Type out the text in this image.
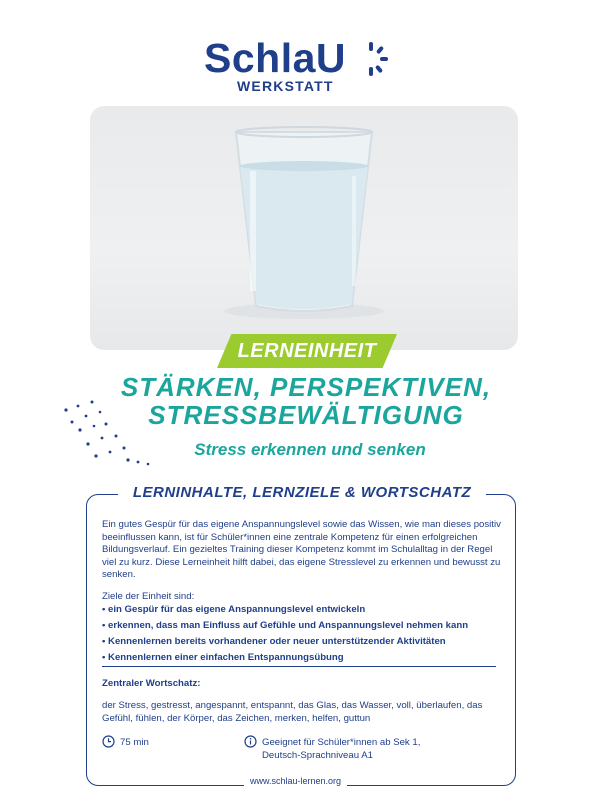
SchlaU
WERKSTATT
LERNEINHEIT
STÄRKEN, PERSPEKTIVEN,
STRESSBEWÄLTIGUNG
Stress erkennen und senken
LERNINHALTE, LERNZIELE & WORTSCHATZ
Ein gutes Gespür für das eigene Anspannungslevel sowie das Wissen, wie man dieses positiv beeinflussen kann, ist für Schüler*innen eine zentrale Kompetenz für einen erfolgreichen Bildungsverlauf. Ein gezieltes Training dieser Kompetenz kommt im Schulalltag in der Regel viel zu kurz. Diese Lerneinheit hilft dabei, das eigene Stresslevel zu erkennen und bewusst zu senken.
Ziele der Einheit sind:
• ein Gespür für das eigene Anspannungslevel entwickeln
• erkennen, dass man Einfluss auf Gefühle und Anspannungslevel nehmen kann
• Kennenlernen bereits vorhandener oder neuer unterstützender Aktivitäten
• Kennenlernen einer einfachen Entspannungsübung
Zentraler Wortschatz:
der Stress, gestresst, angespannt, entspannt, das Glas, das Wasser, voll, überlaufen, das Gefühl, fühlen, der Körper, das Zeichen, merken, helfen, guttun
75 min	Geeignet für Schüler*innen ab Sek 1,
Deutsch-Sprachniveau A1
www.schlau-lernen.org
